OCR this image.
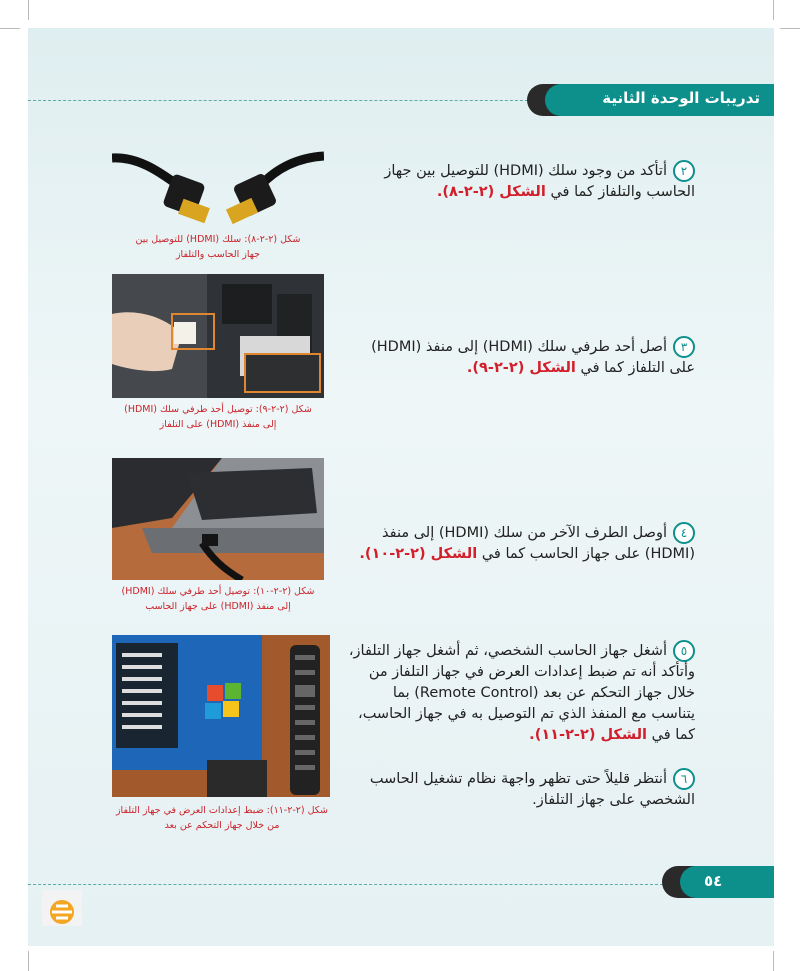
تدريبات الوحدة الثانية
شكل (٢-٢-٨): سلك (HDMI) للتوصيل بين
جهاز الحاسب والتلفاز
شكل (٢-٢-٩): توصيل أحد طرفي سلك (HDMI)
إلى منفذ (HDMI) على التلفاز
شكل (٢-٢-١٠): توصيل أحد طرفي سلك (HDMI)
إلى منفذ (HDMI) على جهاز الحاسب
شكل (٢-٢-١١): ضبط إعدادات العرض في جهاز التلفاز
من خلال جهاز التحكم عن بعد
٢أتأكد من وجود سلك (HDMI) للتوصيل بين جهاز الحاسب والتلفاز كما في الشكل (٢-٢-٨).
٣أصل أحد طرفي سلك (HDMI) إلى منفذ (HDMI) على التلفاز كما في الشكل (٢-٢-٩).
٤أوصل الطرف الآخر من سلك (HDMI) إلى منفذ (HDMI) على جهاز الحاسب كما في الشكل (٢-٢-١٠).
٥أشغل جهاز الحاسب الشخصي، ثم أشغل جهاز التلفاز، وأتأكد أنه تم ضبط إعدادات العرض في جهاز التلفاز من خلال جهاز التحكم عن بعد (Remote Control) بما يتناسب مع المنفذ الذي تم التوصيل به في جهاز الحاسب، كما في الشكل (٢-٢-١١).
٦أنتظر قليلاً حتى تظهر واجهة نظام تشغيل الحاسب الشخصي على جهاز التلفاز.
٥٤
